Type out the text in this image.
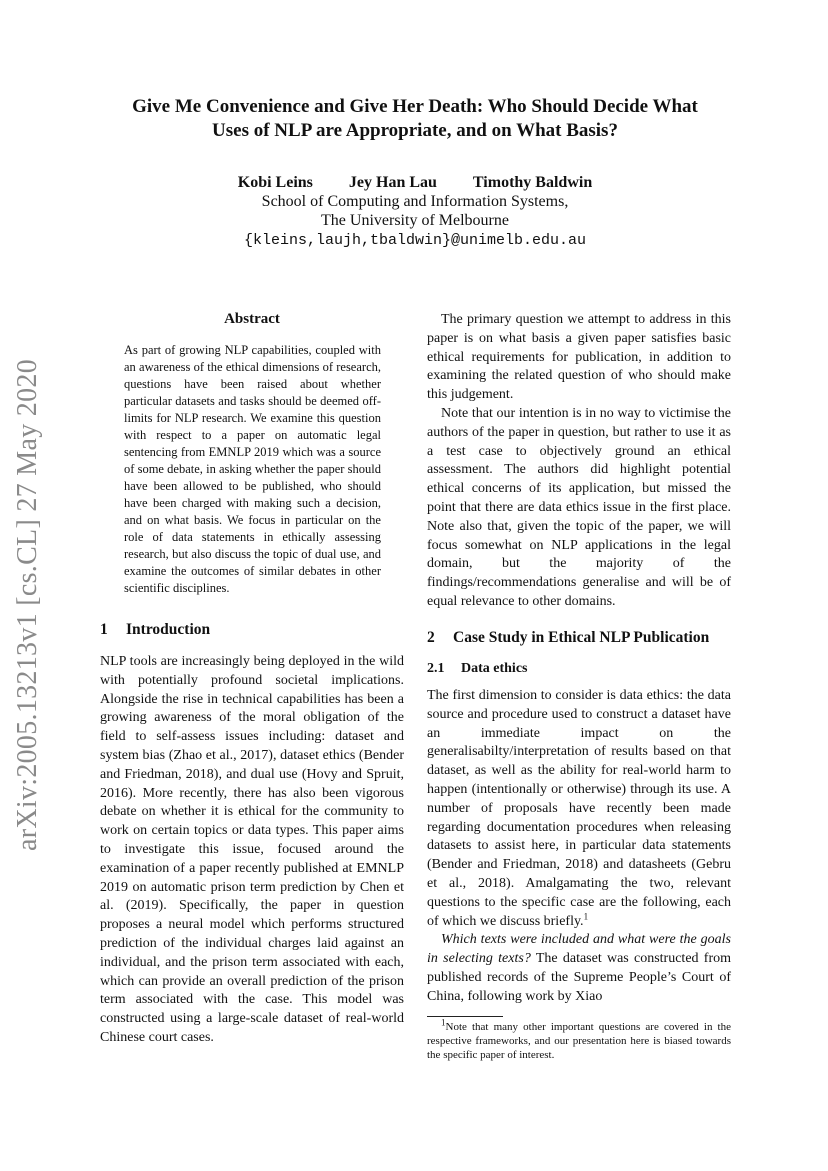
arXiv:2005.13213v1 [cs.CL] 27 May 2020
Give Me Convenience and Give Her Death: Who Should Decide What
Uses of NLP are Appropriate, and on What Basis?
Kobi Leins Jey Han Lau Timothy Baldwin
School of Computing and Information Systems,
The University of Melbourne
{kleins,laujh,tbaldwin}@unimelb.edu.au
Abstract
As part of growing NLP capabilities, coupled with an awareness of the ethical dimensions of research, questions have been raised about whether particular datasets and tasks should be deemed off-limits for NLP research. We examine this question with respect to a paper on automatic legal sentencing from EMNLP 2019 which was a source of some debate, in asking whether the paper should have been allowed to be published, who should have been charged with making such a decision, and on what basis. We focus in particular on the role of data statements in ethically assessing research, but also discuss the topic of dual use, and examine the outcomes of similar debates in other scientific disciplines.
1 Introduction

NLP tools are increasingly being deployed in the wild with potentially profound societal implications. Alongside the rise in technical capabilities has been a growing awareness of the moral obligation of the field to self-assess issues including: dataset and system bias (Zhao et al., 2017), dataset ethics (Bender and Friedman, 2018), and dual use (Hovy and Spruit, 2016). More recently, there has also been vigorous debate on whether it is ethical for the community to work on certain topics or data types. This paper aims to investigate this issue, focused around the examination of a paper recently published at EMNLP 2019 on automatic prison term prediction by Chen et al. (2019). Specifically, the paper in question proposes a neural model which performs structured prediction of the individual charges laid against an individual, and the prison term associated with each, which can provide an overall prediction of the prison term associated with the case. This model was constructed using a large-scale dataset of real-world Chinese court cases.

The primary question we attempt to address in this paper is on what basis a given paper satisfies basic ethical requirements for publication, in addition to examining the related question of who should make this judgement.

Note that our intention is in no way to victimise the authors of the paper in question, but rather to use it as a test case to objectively ground an ethical assessment. The authors did highlight potential ethical concerns of its application, but missed the point that there are data ethics issue in the first place. Note also that, given the topic of the paper, we will focus somewhat on NLP applications in the legal domain, but the majority of the findings/recommendations generalise and will be of equal relevance to other domains.

2 Case Study in Ethical NLP Publication
2.1 Data ethics

The first dimension to consider is data ethics: the data source and procedure used to construct a dataset have an immediate impact on the generalisabilty/interpretation of results based on that dataset, as well as the ability for real-world harm to happen (intentionally or otherwise) through its use. A number of proposals have recently been made regarding documentation procedures when releasing datasets to assist here, in particular data statements (Bender and Friedman, 2018) and datasheets (Gebru et al., 2018). Amalgamating the two, relevant questions to the specific case are the following, each of which we discuss briefly.$^1$

Which texts were included and what were the goals in selecting texts? The dataset was constructed from published records of the Supreme People’s Court of China, following work by Xiao

$^1$Note that many other important questions are covered in the respective frameworks, and our presentation here is biased towards the specific paper of interest.
